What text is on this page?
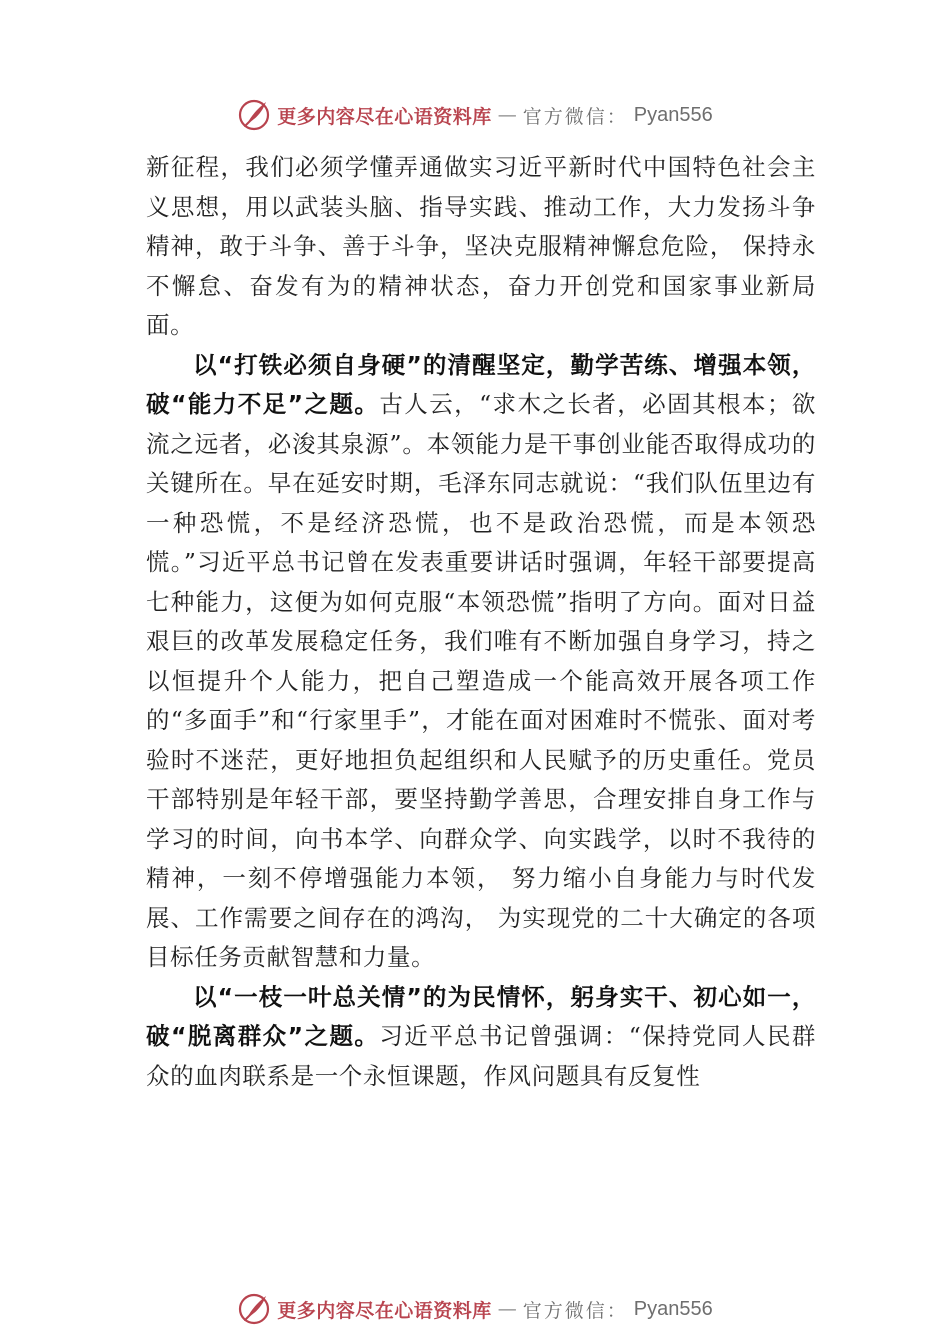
更多内容尽在心语资料库 — 官方微信： Pyan556

新征程，我们必须学懂弄通做实习近平新时代中国特色社会主义思想，用以武装头脑、指导实践、推动工作，大力发扬斗争精神，敢于斗争、善于斗争，坚决克服精神懈怠危险， 保持永不懈怠、奋发有为的精神状态，奋力开创党和国家事业新局面。

以“打铁必须自身硬”的清醒坚定，勤学苦练、增强本领，破“能力不足”之题。古人云，“求木之长者，必固其根本；欲流之远者，必浚其泉源”。本领能力是干事创业能否取得成功的关键所在。早在延安时期，毛泽东同志就说：“我们队伍里边有一种恐慌，不是经济恐慌，也不是政治恐慌，而是本领恐慌。”习近平总书记曾在发表重要讲话时强调，年轻干部要提高七种能力，这便为如何克服“本领恐慌”指明了方向。面对日益艰巨的改革发展稳定任务，我们唯有不断加强自身学习，持之以恒提升个人能力，把自己塑造成一个能高效开展各项工作的“多面手”和“行家里手”，才能在面对困难时不慌张、面对考验时不迷茫，更好地担负起组织和人民赋予的历史重任。党员干部特别是年轻干部，要坚持勤学善思，合理安排自身工作与学习的时间，向书本学、向群众学、向实践学，以时不我待的精神，一刻不停增强能力本领， 努力缩小自身能力与时代发展、工作需要之间存在的鸿沟， 为实现党的二十大确定的各项目标任务贡献智慧和力量。

以“一枝一叶总关情”的为民情怀，躬身实干、初心如一，破“脱离群众”之题。习近平总书记曾强调：“保持党同人民群众的血肉联系是一个永恒课题，作风问题具有反复性

更多内容尽在心语资料库 — 官方微信： Pyan556
